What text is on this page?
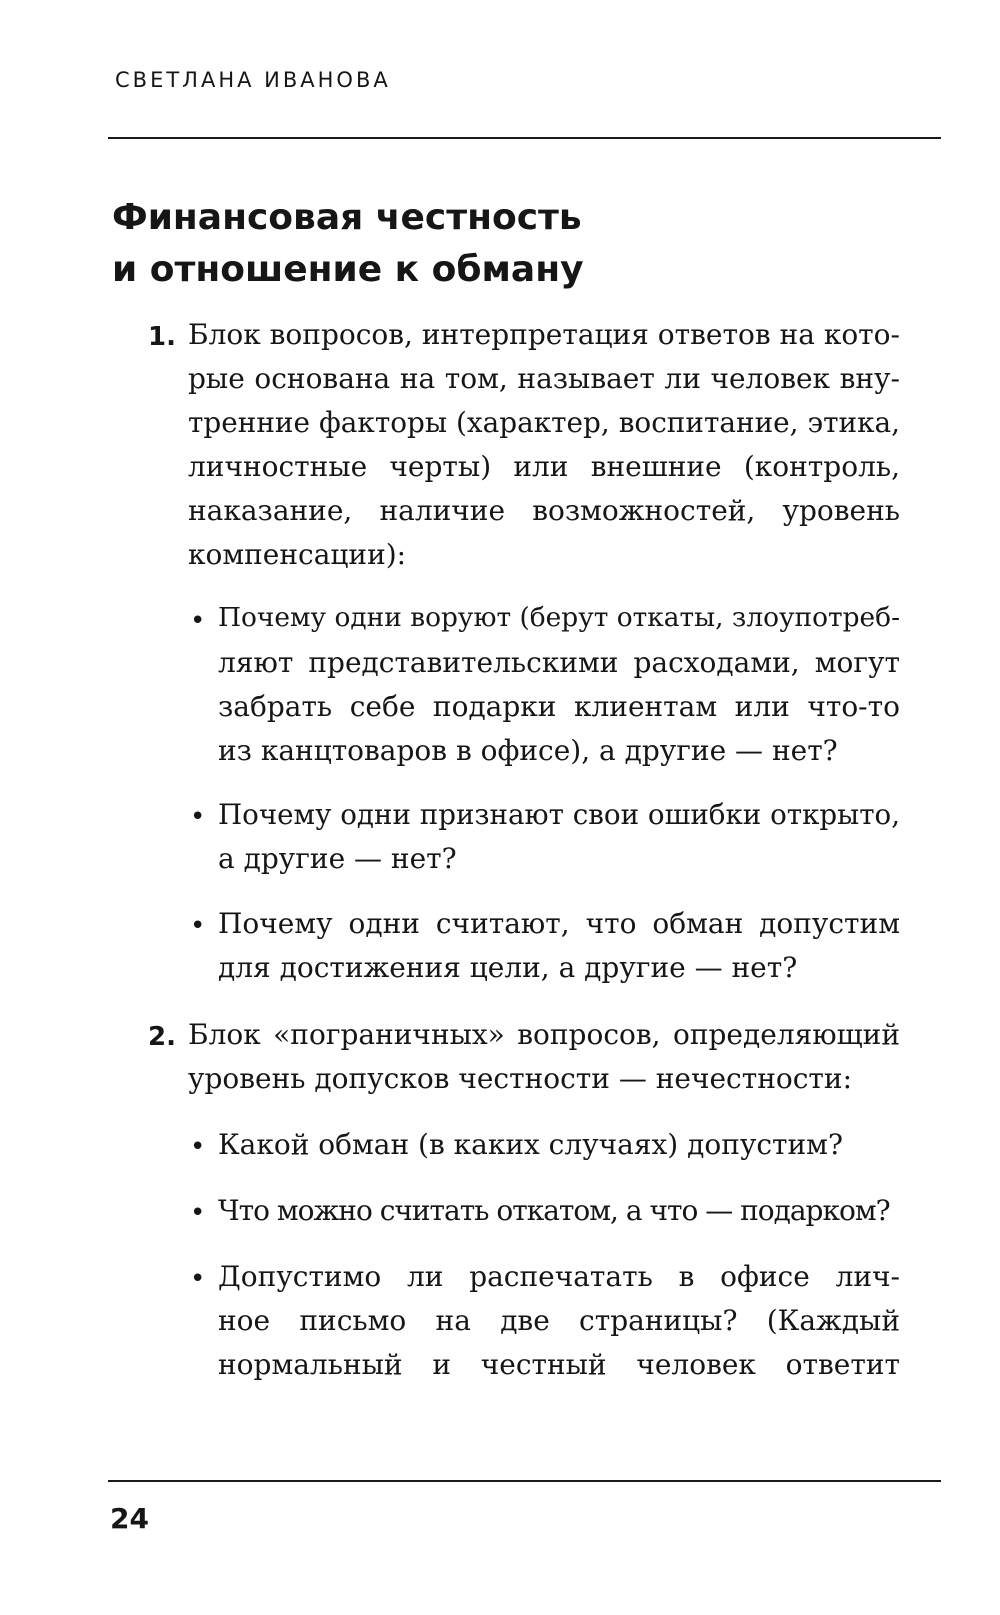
СВЕТЛАНА ИВАНОВА
Финансовая честность
и отношение к обману
1. Блок вопросов, интерпретация ответов на кото-
рые основана на том, называет ли человек вну-
тренние факторы (характер, воспитание, этика,
личностные черты) или внешние (контроль,
наказание, наличие возможностей, уровень
компенсации):
• Почему одни воруют (берут откаты, злоупотреб-
ляют представительскими расходами, могут
забрать себе подарки клиентам или что-то
из канцтоваров в офисе), а другие — нет?
• Почему одни признают свои ошибки открыто,
а другие — нет?
• Почему одни считают, что обман допустим
для достижения цели, а другие — нет?
2. Блок «пограничных» вопросов, определяющий
уровень допусков честности — нечестности:
• Какой обман (в каких случаях) допустим?
• Что можно считать откатом, а что — подарком?
• Допустимо ли распечатать в офисе лич-
ное письмо на две страницы? (Каждый
нормальный и честный человек ответит
24
